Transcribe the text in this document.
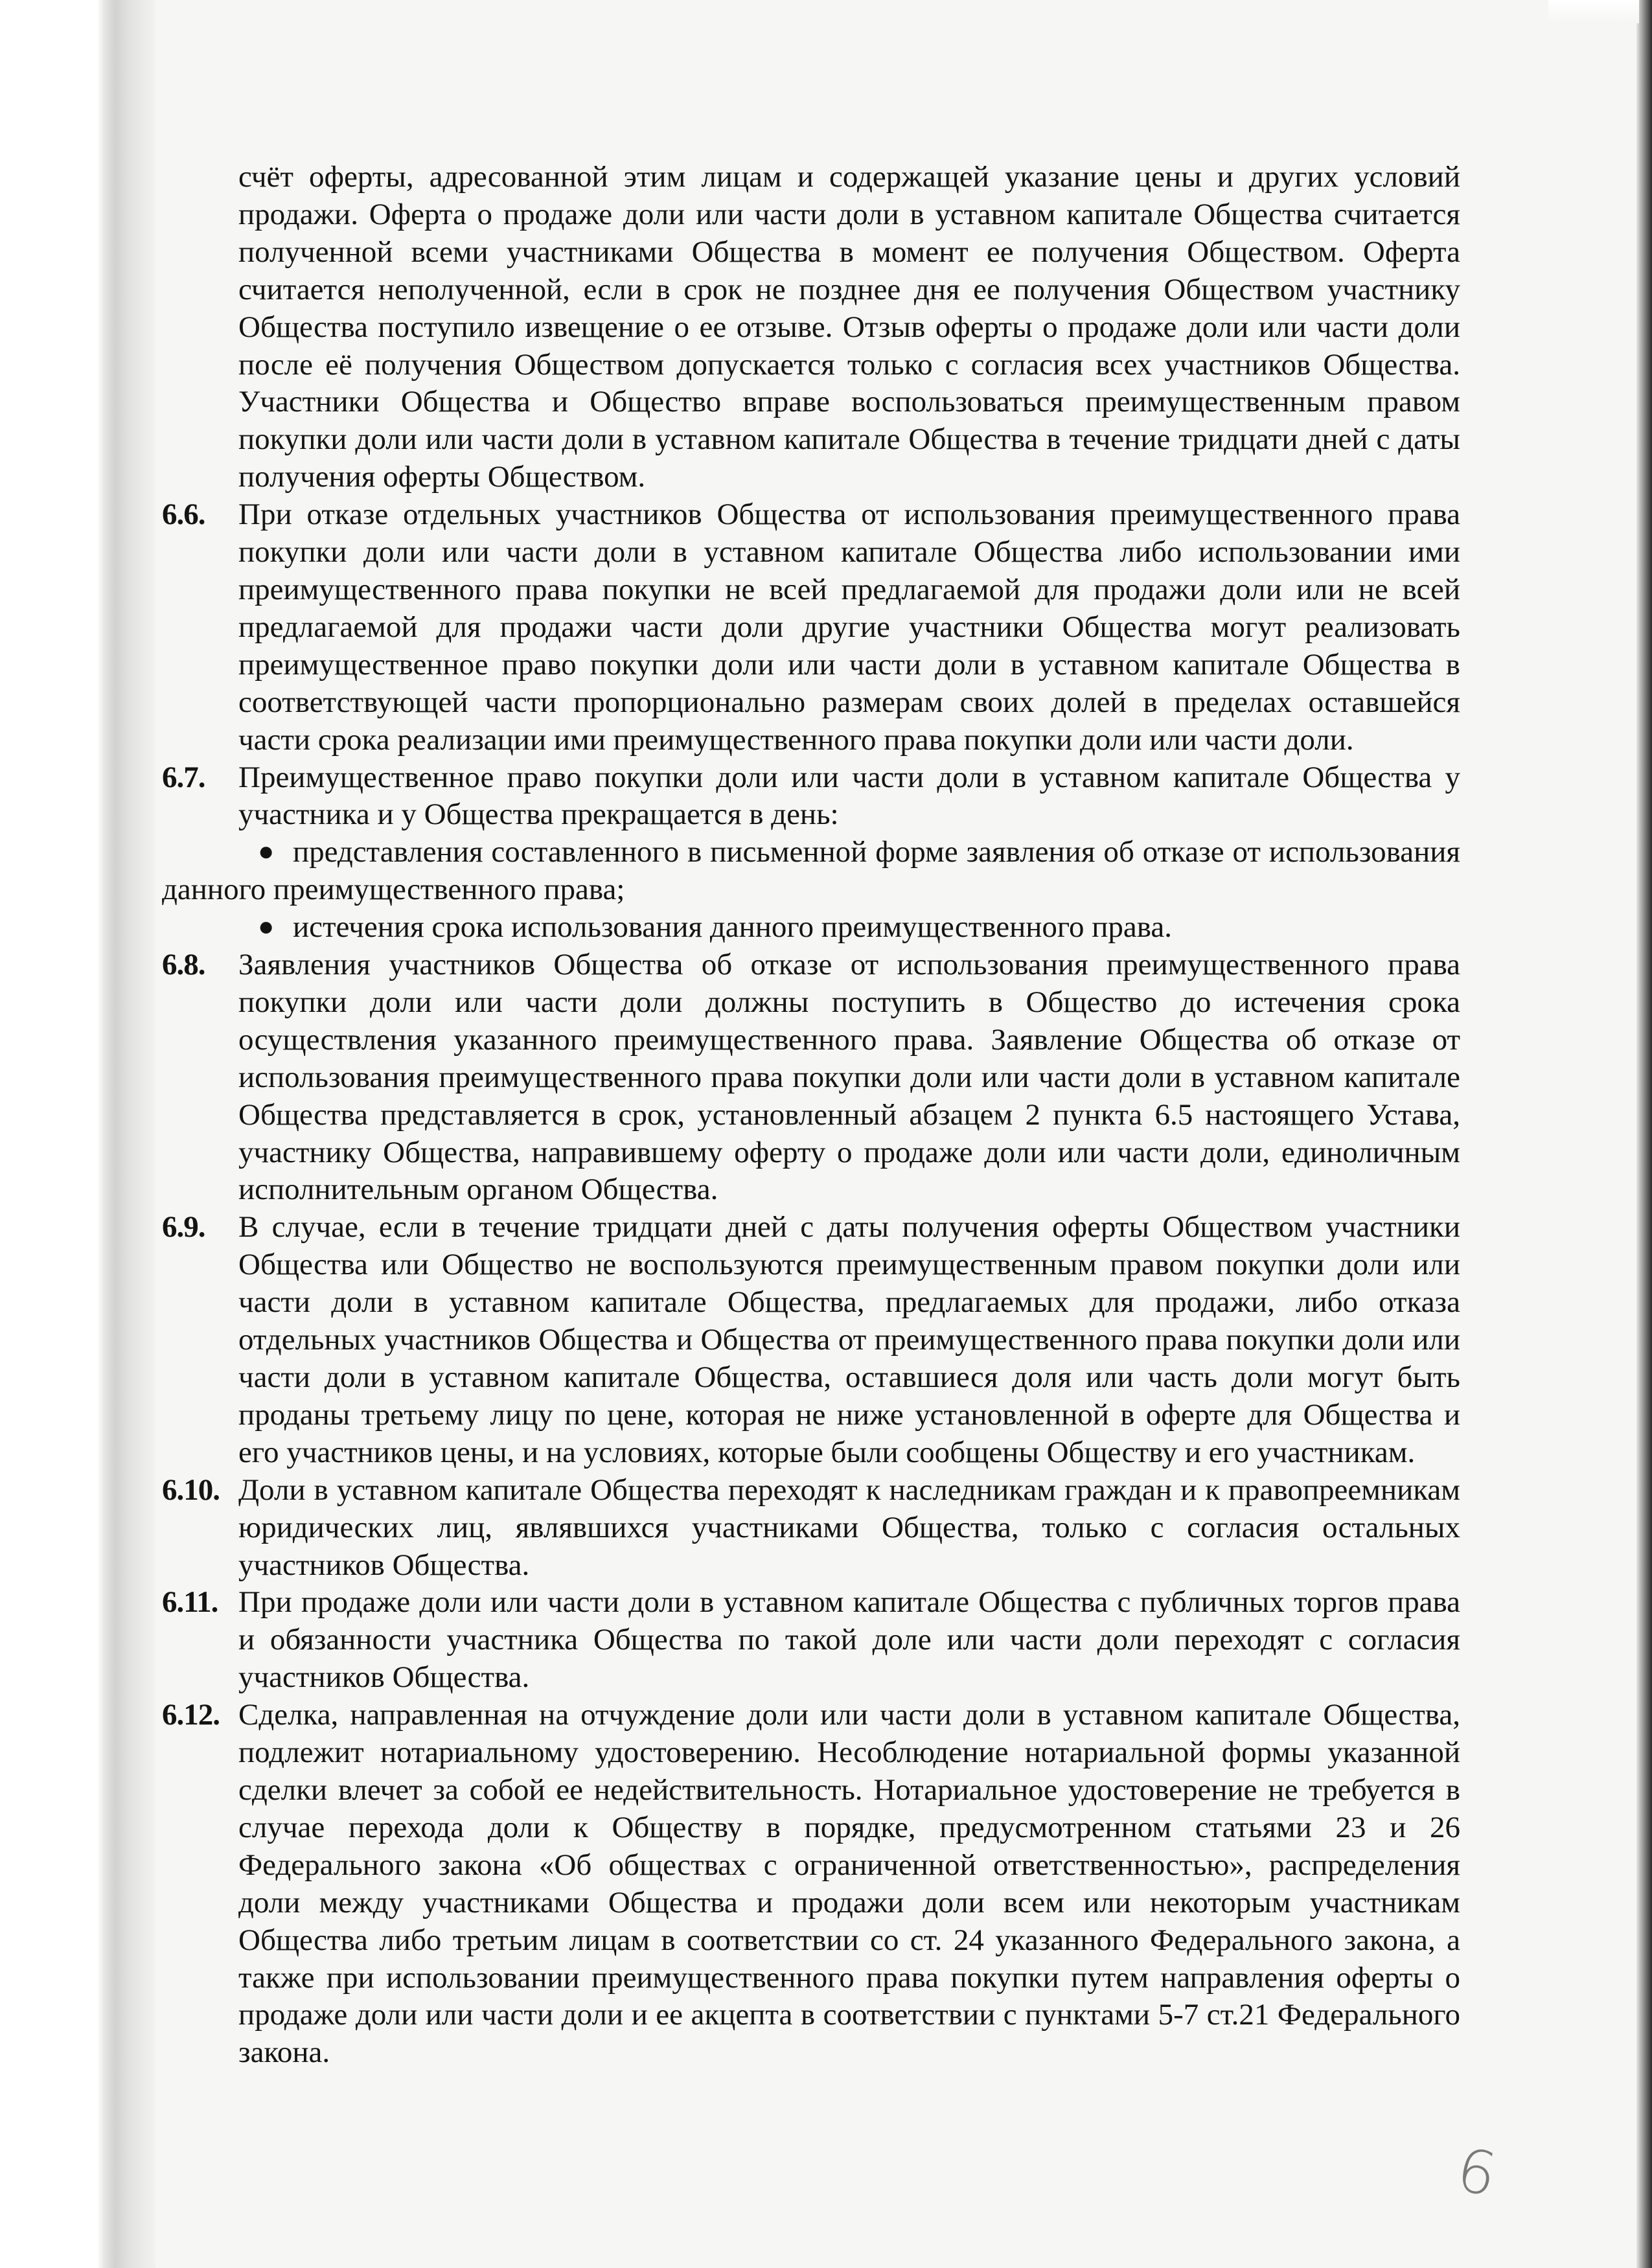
счёт оферты, адресованной этим лицам и содержащей указание цены и других условий продажи. Оферта о продаже доли или части доли в уставном капитале Общества считается полученной всеми участниками Общества в момент ее получения Обществом. Оферта считается неполученной, если в срок не позднее дня ее получения Обществом участнику Общества поступило извещение о ее отзыве. Отзыв оферты о продаже доли или части доли после её получения Обществом допускается только с согласия всех участников Общества. Участники Общества и Общество вправе воспользоваться преимущественным правом покупки доли или части доли в уставном капитале Общества в течение тридцати дней с даты получения оферты Обществом.

6.6. При отказе отдельных участников Общества от использования преимущественного права покупки доли или части доли в уставном капитале Общества либо использовании ими преимущественного права покупки не всей предлагаемой для продажи доли или не всей предлагаемой для продажи части доли другие участники Общества могут реализовать преимущественное право покупки доли или части доли в уставном капитале Общества в соответствующей части пропорционально размерам своих долей в пределах оставшейся части срока реализации ими преимущественного права покупки доли или части доли.
6.7. Преимущественное право покупки доли или части доли в уставном капитале Общества у участника и у Общества прекращается в день:
● представления составленного в письменной форме заявления об отказе от использования данного преимущественного права;
● истечения срока использования данного преимущественного права.
6.8. Заявления участников Общества об отказе от использования преимущественного права покупки доли или части доли должны поступить в Общество до истечения срока осуществления указанного преимущественного права. Заявление Общества об отказе от использования преимущественного права покупки доли или части доли в уставном капитале Общества представляется в срок, установленный абзацем 2 пункта 6.5 настоящего Устава, участнику Общества, направившему оферту о продаже доли или части доли, единоличным исполнительным органом Общества.
6.9. В случае, если в течение тридцати дней с даты получения оферты Обществом участники Общества или Общество не воспользуются преимущественным правом покупки доли или части доли в уставном капитале Общества, предлагаемых для продажи, либо отказа отдельных участников Общества и Общества от преимущественного права покупки доли или части доли в уставном капитале Общества, оставшиеся доля или часть доли могут быть проданы третьему лицу по цене, которая не ниже установленной в оферте для Общества и его участников цены, и на условиях, которые были сообщены Обществу и его участникам.
6.10. Доли в уставном капитале Общества переходят к наследникам граждан и к правопреемникам юридических лиц, являвшихся участниками Общества, только с согласия остальных участников Общества.
6.11. При продаже доли или части доли в уставном капитале Общества с публичных торгов права и обязанности участника Общества по такой доле или части доли переходят с согласия участников Общества.
6.12. Сделка, направленная на отчуждение доли или части доли в уставном капитале Общества, подлежит нотариальному удостоверению. Несоблюдение нотариальной формы указанной сделки влечет за собой ее недействительность. Нотариальное удостоверение не требуется в случае перехода доли к Обществу в порядке, предусмотренном статьями 23 и 26 Федерального закона «Об обществах с ограниченной ответственностью», распределения доли между участниками Общества и продажи доли всем или некоторым участникам Общества либо третьим лицам в соответствии со ст. 24 указанного Федерального закона, а также при использовании преимущественного права покупки путем направления оферты о продаже доли или части доли и ее акцепта в соответствии с пунктами 5-7 ст.21 Федерального закона.
6
